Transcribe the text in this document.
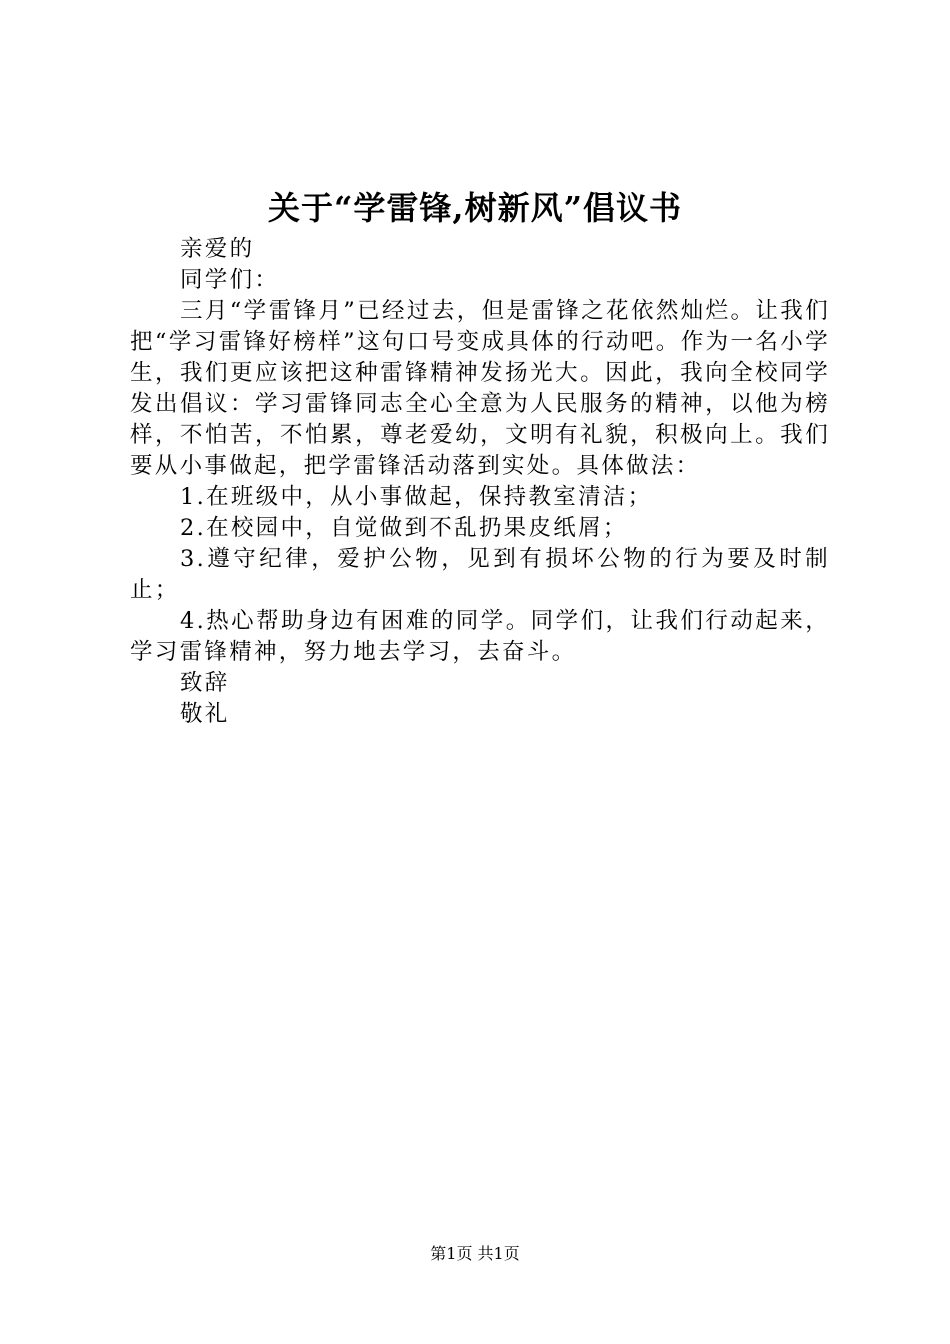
关于“学雷锋,树新风”倡议书

亲爱的

同学们：

三月“学雷锋月”已经过去，但是雷锋之花依然灿烂。让我们把“学习雷锋好榜样”这句口号变成具体的行动吧。作为一名小学生，我们更应该把这种雷锋精神发扬光大。因此，我向全校同学发出倡议：学习雷锋同志全心全意为人民服务的精神，以他为榜样，不怕苦，不怕累，尊老爱幼，文明有礼貌，积极向上。我们要从小事做起，把学雷锋活动落到实处。具体做法：

1.在班级中，从小事做起，保持教室清洁；

2.在校园中，自觉做到不乱扔果皮纸屑；

3.遵守纪律，爱护公物，见到有损坏公物的行为要及时制止；

4.热心帮助身边有困难的同学。同学们，让我们行动起来，学习雷锋精神，努力地去学习，去奋斗。

致辞

敬礼

第1页 共1页
